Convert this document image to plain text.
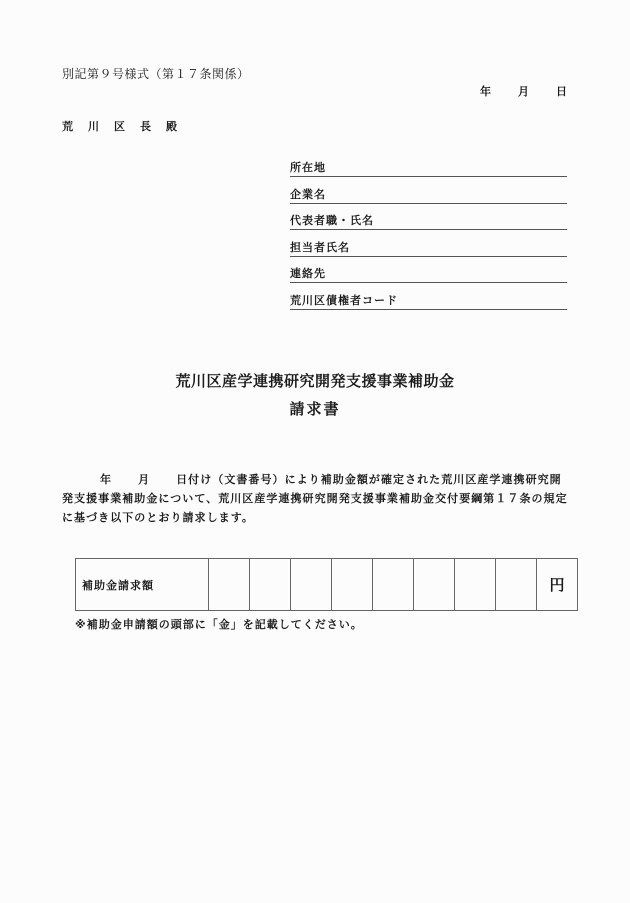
別記第９号様式（第１７条関係）
年 月 日
荒 川 区 長 殿
所在地
企業名
代表者職・氏名
担当者氏名
連絡先
荒川区債権者コード
荒川区産学連携研究開発支援事業補助金
請求書
年 月 日付け（文書番号）により補助金額が確定された荒川区産学連携研究開発支援事業補助金について、荒川区産学連携研究開発支援事業補助金交付要綱第１７条の規定に基づき以下のとおり請求します。
補助金請求額									円
※補助金申請額の頭部に「金」を記載してください。
